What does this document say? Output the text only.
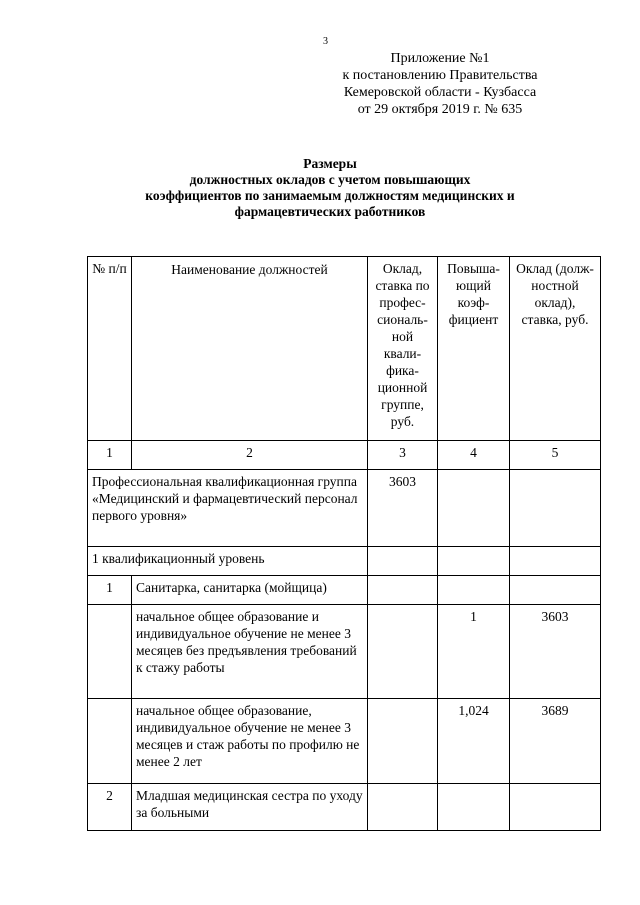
3
Приложение №1
к постановлению Правительства
Кемеровской области - Кузбасса
от 29 октября 2019 г. № 635
Размеры
должностных окладов с учетом повышающих
коэффициентов по занимаемым должностям медицинских и
фармацевтических работников
№ п/п	Наименование должностей	Оклад, ставка по профес-сиональ-ной квали-фика-ционной группе, руб.	Повыша-ющий коэф-фициент	Оклад (долж-ностной оклад), ставка, руб.
1	2	3	4	5
Профессиональная квалификационная группа «Медицинский и фармацевтический персонал первого уровня»		3603		
1 квалификационный уровень				
1	Санитарка, санитарка (мойщица)			
	начальное общее образование и индивидуальное обучение не менее 3 месяцев без предъявления требований к стажу работы		1	3603
	начальное общее образование, индивидуальное обучение не менее 3 месяцев и стаж работы по профилю не менее 2 лет		1,024	3689
2	Младшая медицинская сестра по уходу за больными			
